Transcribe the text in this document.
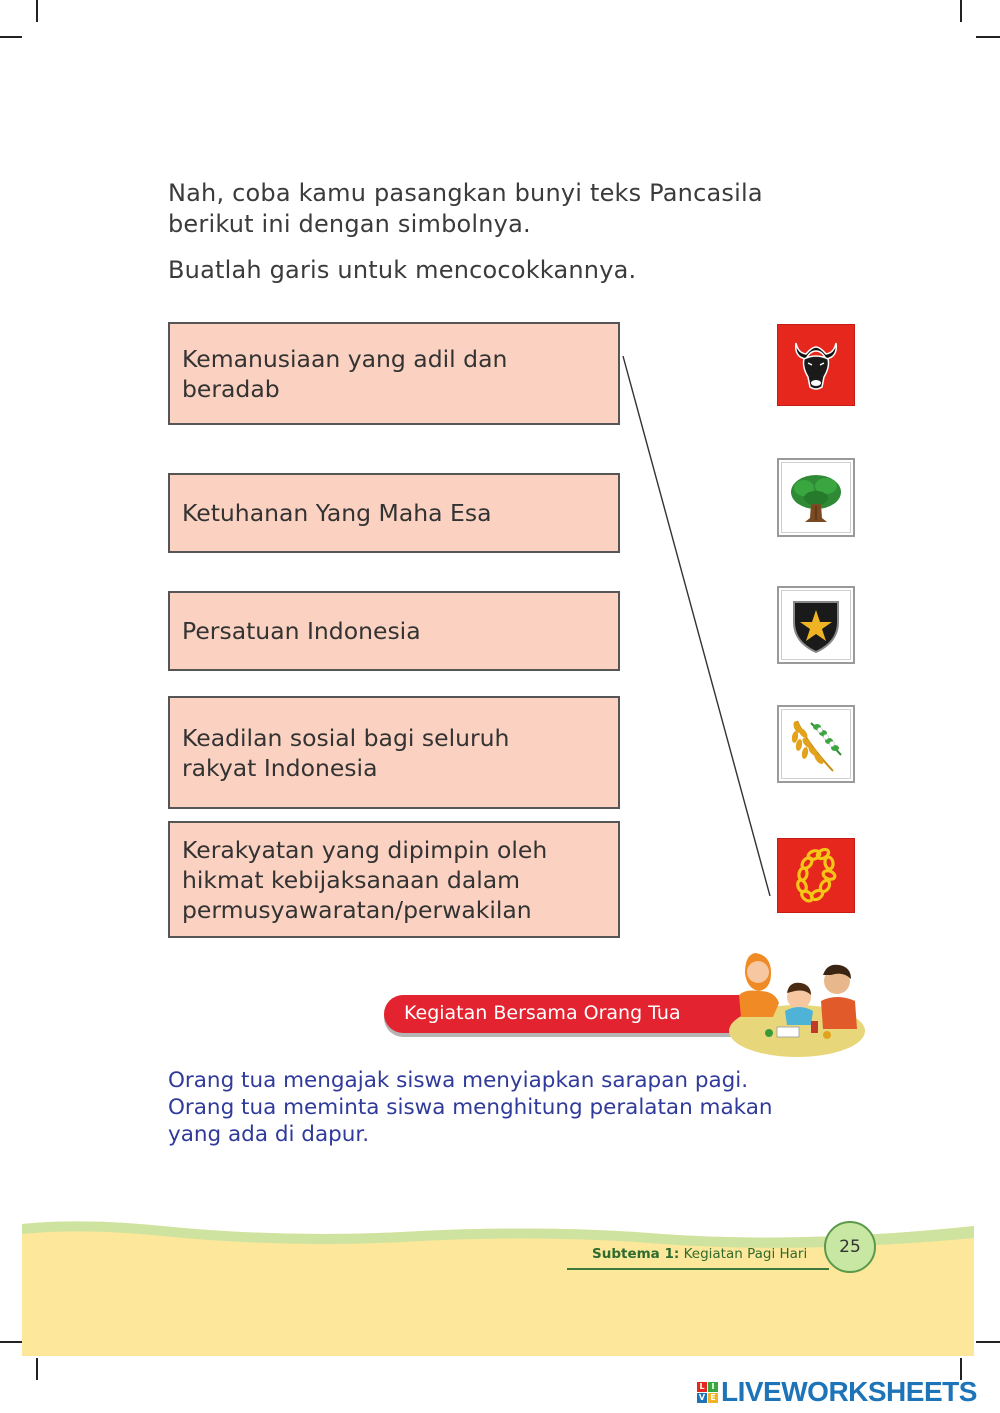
Nah, coba kamu pasangkan bunyi teks Pancasila
berikut ini dengan simbolnya.
Buatlah garis untuk mencocokkannya.
Kemanusiaan yang adil dan
beradab
Ketuhanan Yang Maha Esa
Persatuan Indonesia
Keadilan sosial bagi seluruh
rakyat Indonesia
Kerakyatan yang dipimpin oleh
hikmat kebijaksanaan dalam
permusyawaratan/perwakilan
Kegiatan Bersama Orang Tua
Orang tua mengajak siswa menyiapkan sarapan pagi.
Orang tua meminta siswa menghitung peralatan makan
yang ada di dapur.
Subtema 1: Kegiatan Pagi Hari	25
L I
V E LIVEWORKSHEETS
